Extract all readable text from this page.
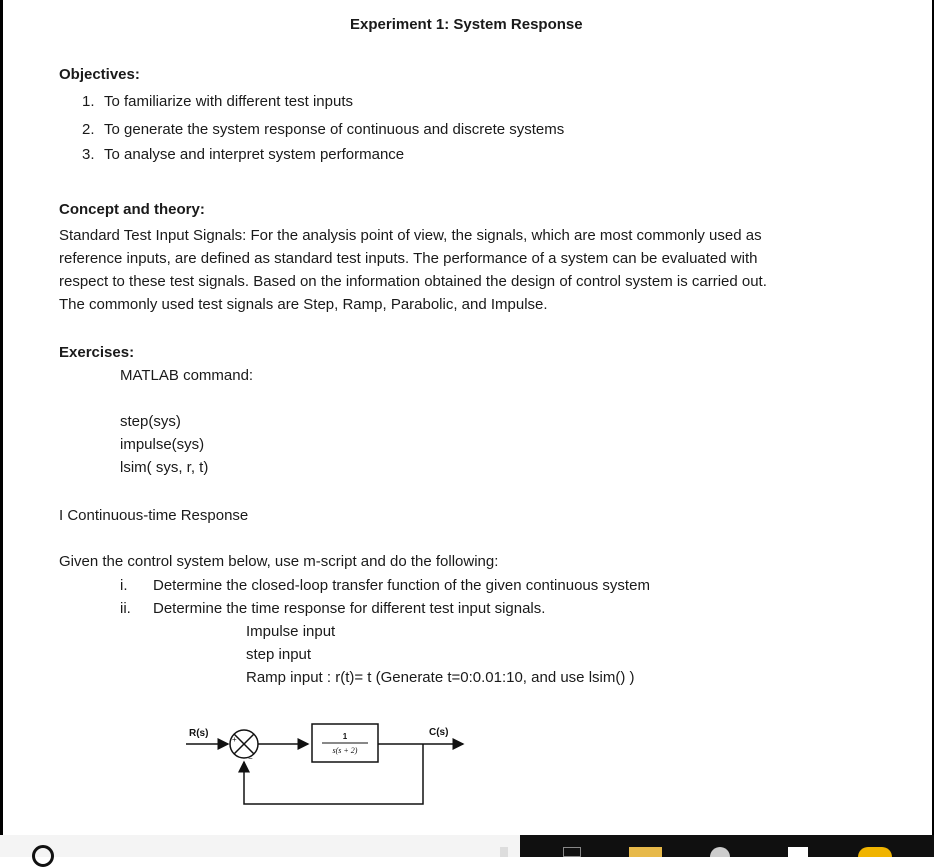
Experiment 1: System Response
Objectives:
1. To familiarize with different test inputs
2. To generate the system response of continuous and discrete systems
3. To analyse and interpret system performance
Concept and theory:
Standard Test Input Signals: For the analysis point of view, the signals, which are most commonly used as
reference inputs, are defined as standard test inputs. The performance of a system can be evaluated with
respect to these test signals. Based on the information obtained the design of control system is carried out.
The commonly used test signals are Step, Ramp, Parabolic, and Impulse.
Exercises:
MATLAB command:
step(sys)
impulse(sys)
lsim( sys, r, t)
I Continuous-time Response
Given the control system below, use m-script and do the following:
i. Determine the closed-loop transfer function of the given continuous system
ii. Determine the time response for different test input signals.
Impulse input
step input
Ramp input : r(t)= t (Generate t=0:0.01:10, and use lsim() )
R(s)
+
−
1
s(s + 2)
C(s)
